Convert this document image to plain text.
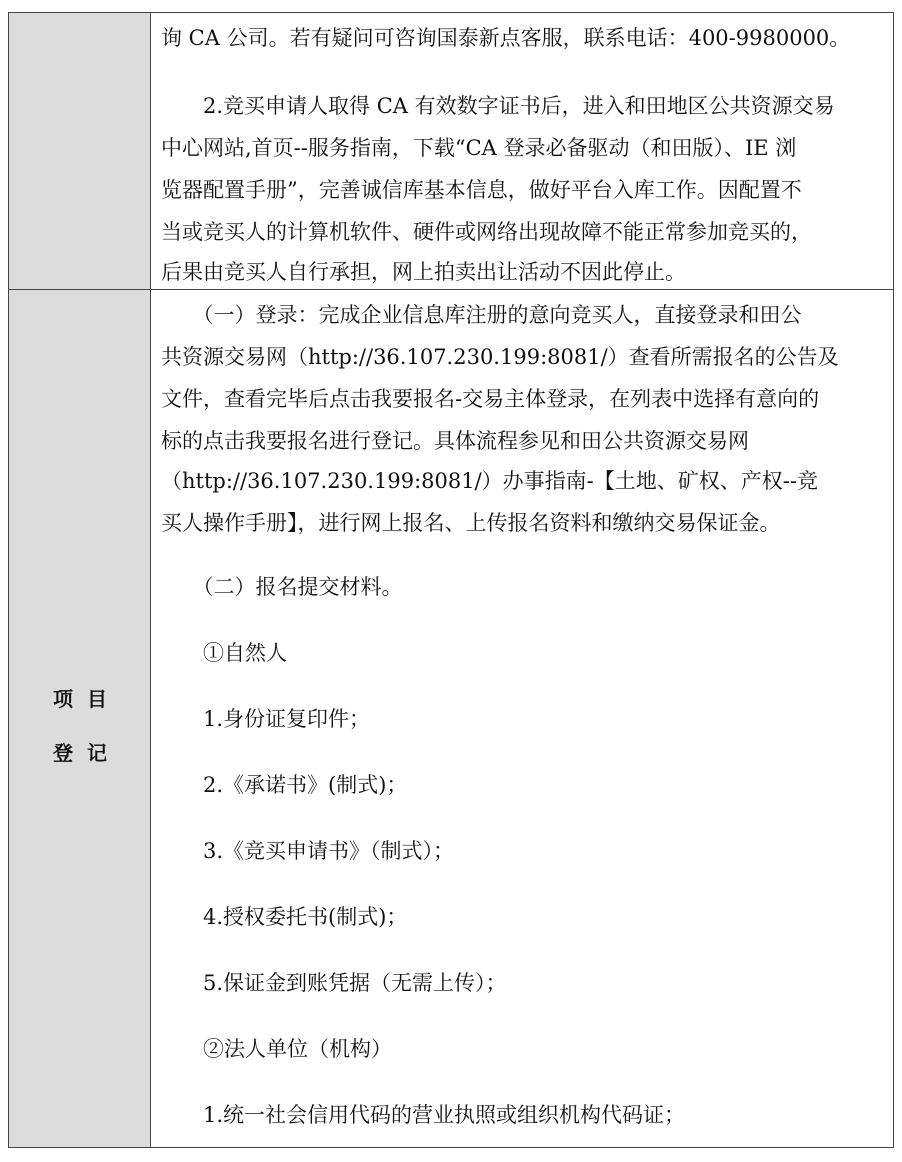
询 CA 公司。若有疑问可咨询国泰新点客服，联系电话：400-9980000。
　　2.竞买申请人取得 CA 有效数字证书后，进入和田地区公共资源交易
中心网站,首页--服务指南，下载“CA 登录必备驱动（和田版）、IE 浏
览器配置手册”，完善诚信库基本信息，做好平台入库工作。因配置不
当或竞买人的计算机软件、硬件或网络出现故障不能正常参加竞买的，
后果由竞买人自行承担，网上拍卖出让活动不因此停止。
项目
登记
　　（一）登录：完成企业信息库注册的意向竞买人，直接登录和田公
共资源交易网（http://36.107.230.199:8081/）查看所需报名的公告及
文件，查看完毕后点击我要报名-交易主体登录，在列表中选择有意向的
标的点击我要报名进行登记。具体流程参见和田公共资源交易网
（http://36.107.230.199:8081/）办事指南-【土地、矿权、产权--竞
买人操作手册】，进行网上报名、上传报名资料和缴纳交易保证金。
　　（二）报名提交材料。
　　①自然人
　　1.身份证复印件；
　　2.《承诺书》(制式)；
　　3.《竞买申请书》（制式）；
　　4.授权委托书(制式)；
　　5.保证金到账凭据（无需上传）；
　　②法人单位（机构）
　　1.统一社会信用代码的营业执照或组织机构代码证；
